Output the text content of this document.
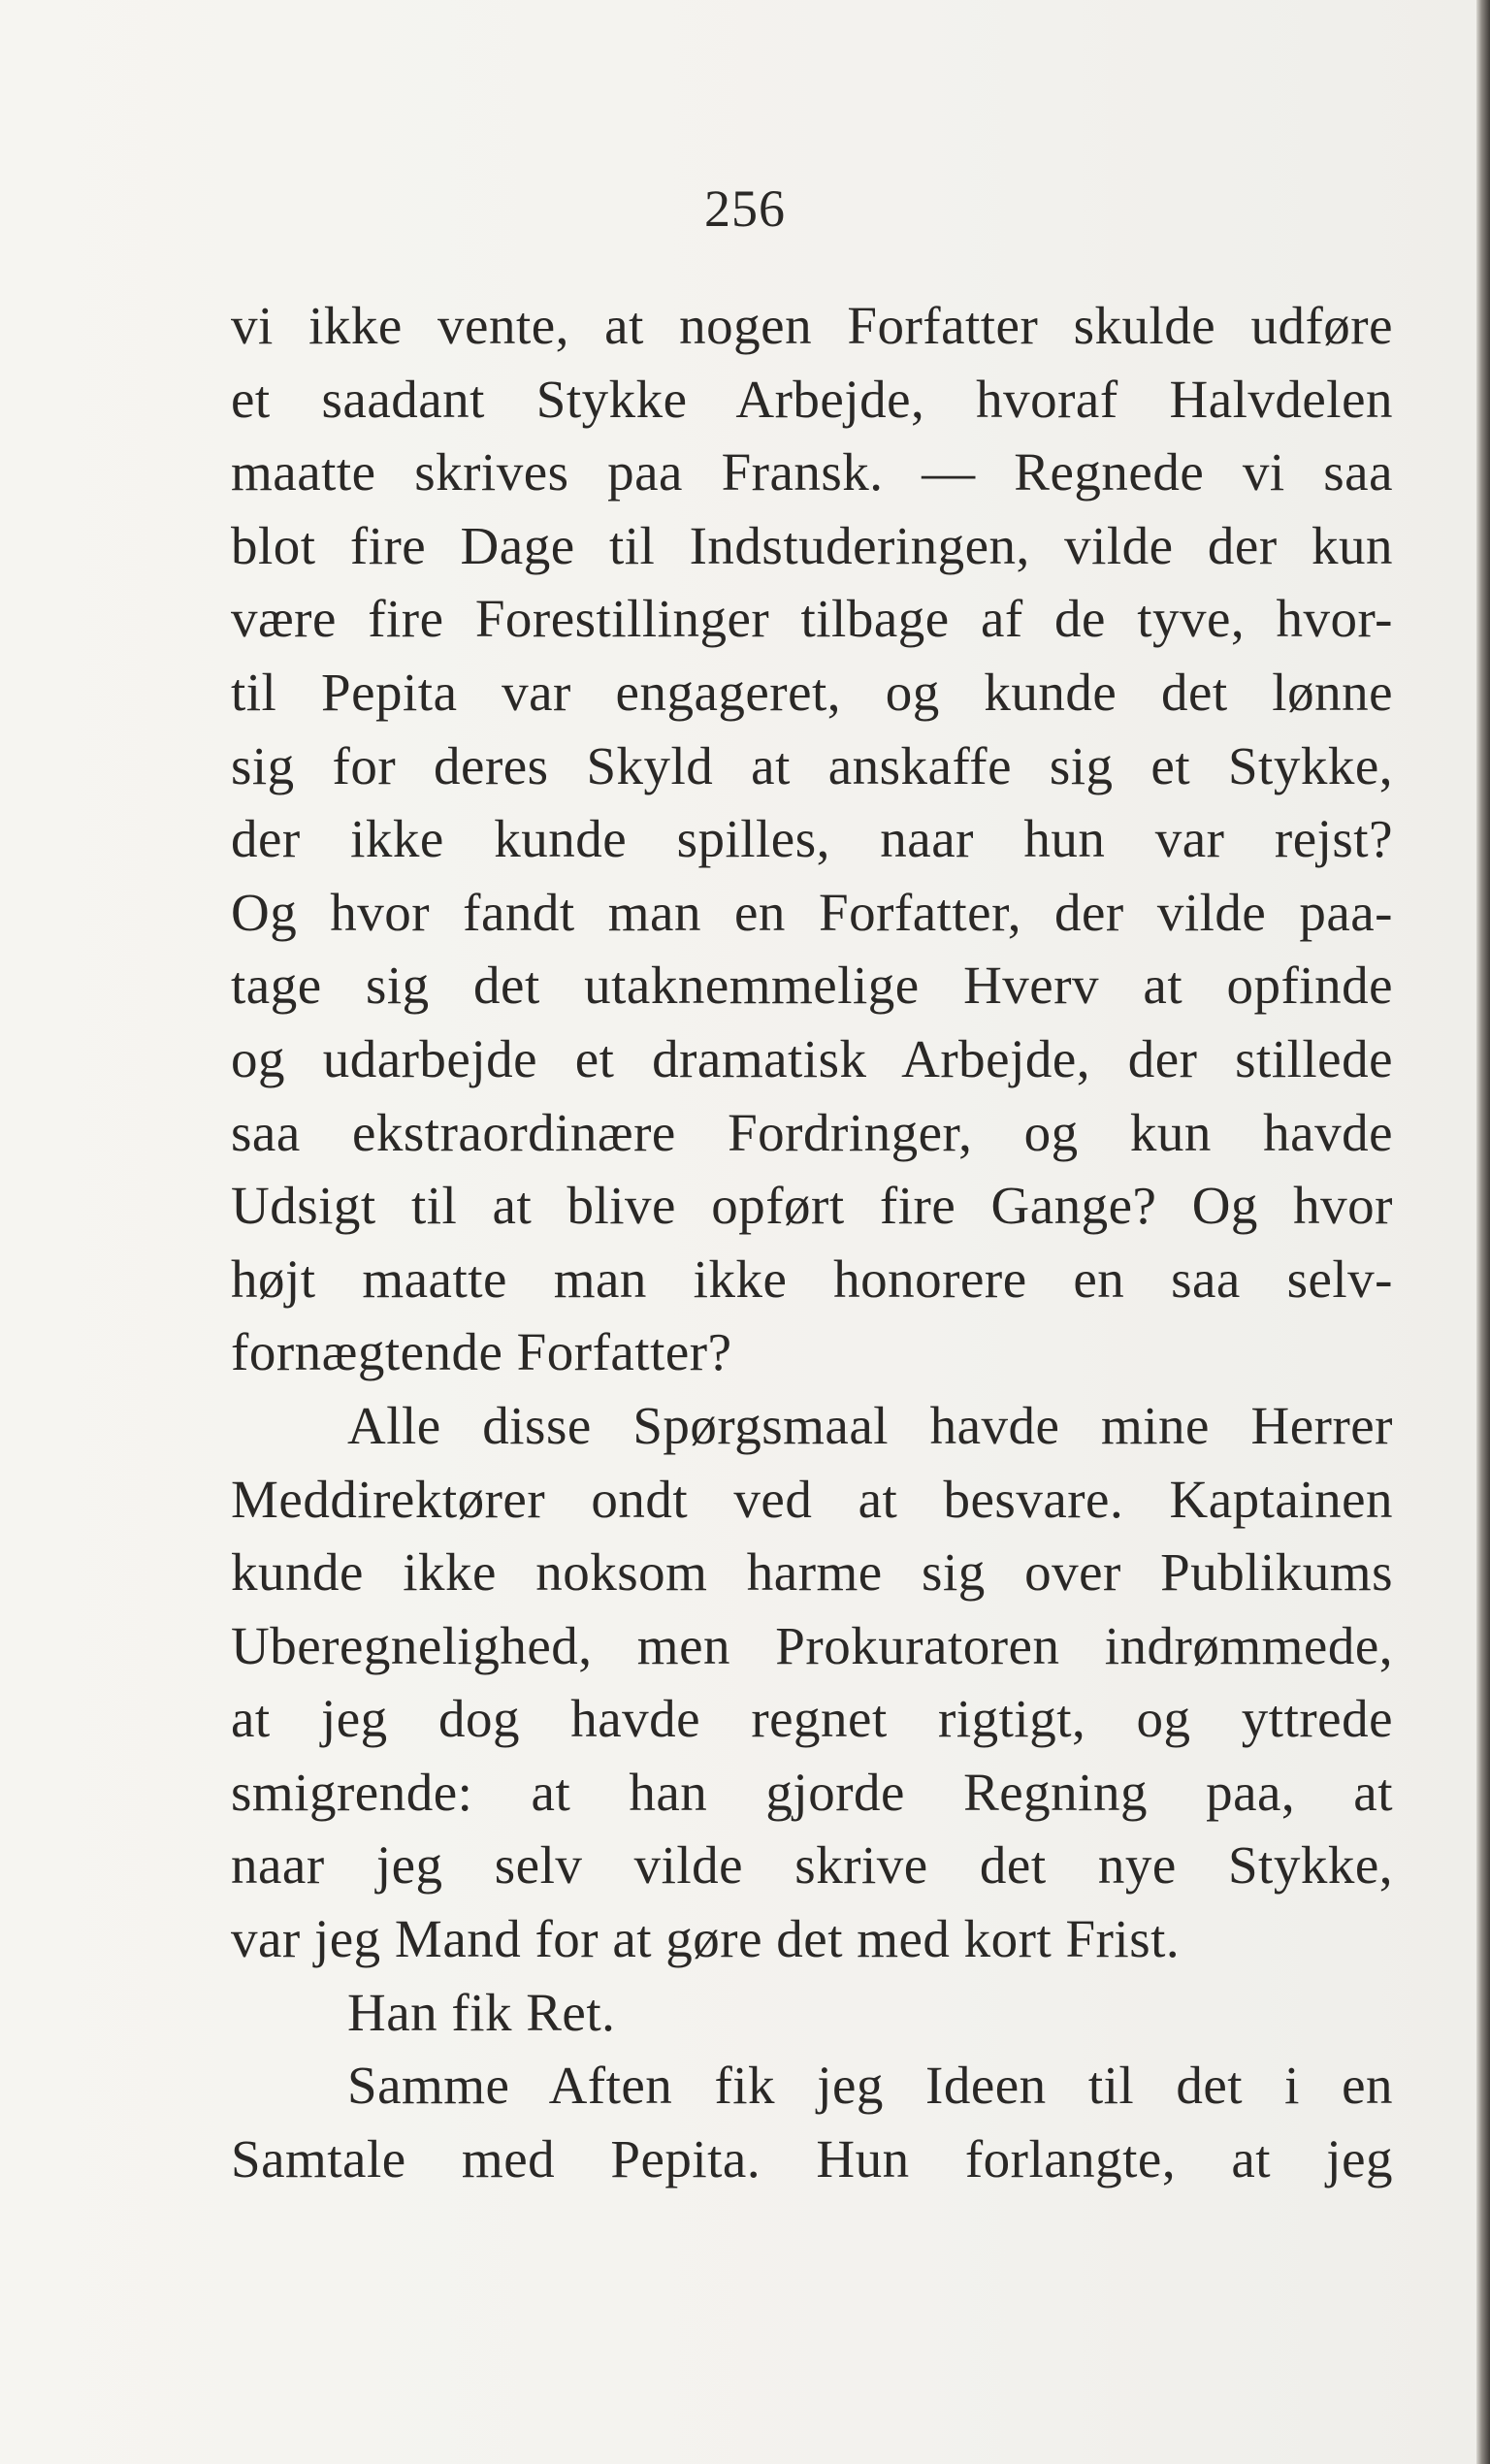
256
vi ikke vente, at nogen Forfatter skulde udføre
et saadant Stykke Arbejde, hvoraf Halvdelen
maatte skrives paa Fransk. — Regnede vi saa
blot fire Dage til Indstuderingen, vilde der kun
være fire Forestillinger tilbage af de tyve, hvor-
til Pepita var engageret, og kunde det lønne
sig for deres Skyld at anskaffe sig et Stykke,
der ikke kunde spilles, naar hun var rejst?
Og hvor fandt man en Forfatter, der vilde paa-
tage sig det utaknemmelige Hverv at opfinde
og udarbejde et dramatisk Arbejde, der stillede
saa ekstraordinære Fordringer, og kun havde
Udsigt til at blive opført fire Gange? Og hvor
højt maatte man ikke honorere en saa selv-
fornægtende Forfatter?
Alle disse Spørgsmaal havde mine Herrer
Meddirektører ondt ved at besvare. Kaptainen
kunde ikke noksom harme sig over Publikums
Uberegnelighed, men Prokuratoren indrømmede,
at jeg dog havde regnet rigtigt, og yttrede
smigrende: at han gjorde Regning paa, at
naar jeg selv vilde skrive det nye Stykke,
var jeg Mand for at gøre det med kort Frist.
Han fik Ret.
Samme Aften fik jeg Ideen til det i en
Samtale med Pepita. Hun forlangte, at jeg
